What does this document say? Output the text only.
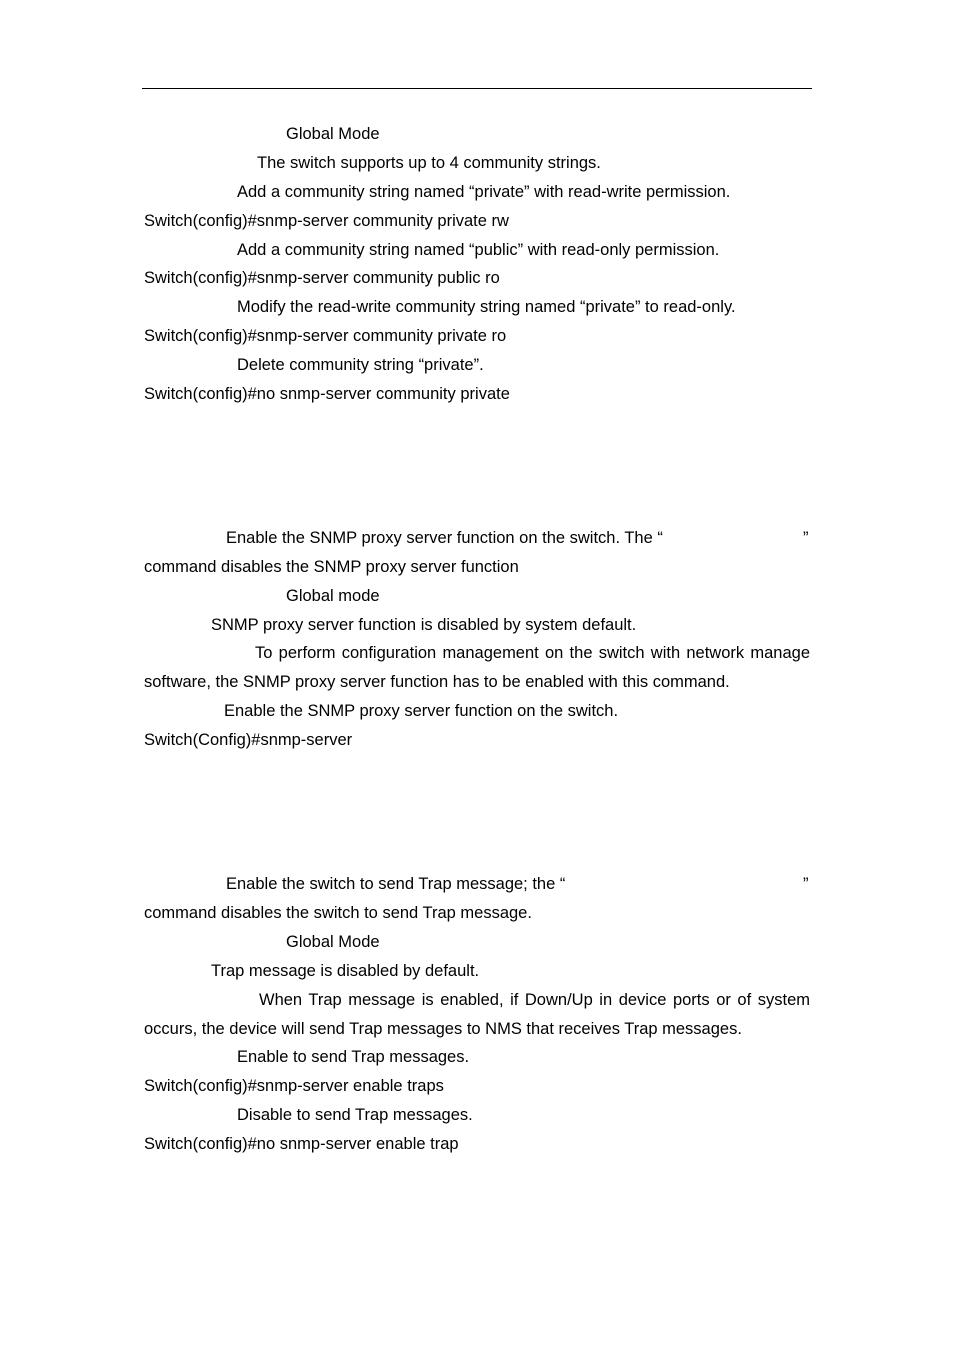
Global Mode
The switch supports up to 4 community strings.
Add a community string named “private” with read-write permission.
Switch(config)#snmp-server community private rw
Add a community string named “public” with read-only permission.
Switch(config)#snmp-server community public ro
Modify the read-write community string named “private” to read-only.
Switch(config)#snmp-server community private ro
Delete community string “private”.
Switch(config)#no snmp-server community private
Enable the SNMP proxy server function on the switch. The “	”
command disables the SNMP proxy server function
Global mode
SNMP proxy server function is disabled by system default.
To perform configuration management on the switch with network manage
software, the SNMP proxy server function has to be enabled with this command.
Enable the SNMP proxy server function on the switch.
Switch(Config)#snmp-server
Enable the switch to send Trap message; the “	”
command disables the switch to send Trap message.
Global Mode
Trap message is disabled by default.
When Trap message is enabled, if Down/Up in device ports or of system
occurs, the device will send Trap messages to NMS that receives Trap messages.
Enable to send Trap messages.
Switch(config)#snmp-server enable traps
Disable to send Trap messages.
Switch(config)#no snmp-server enable trap
